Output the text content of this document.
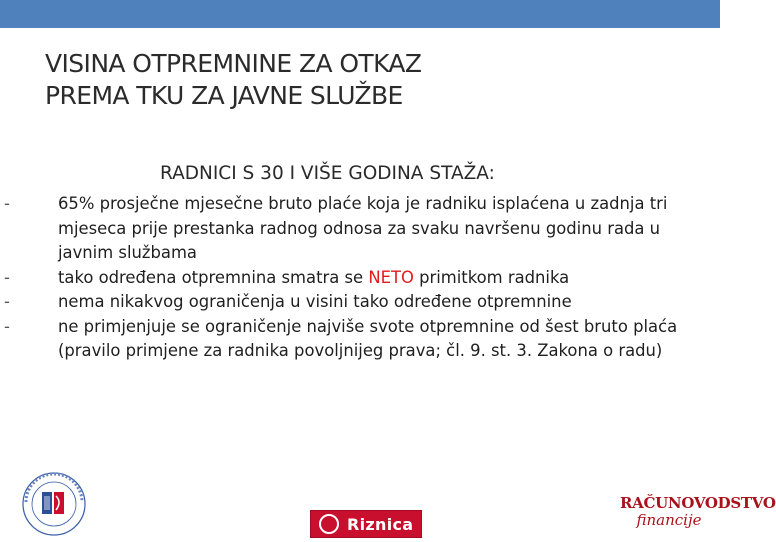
VISINA OTPREMNINE ZA OTKAZ
PREMA TKU ZA JAVNE SLUŽBE
RADNICI S 30 I VIŠE GODINA STAŽA:
-	65% prosječne mjesečne bruto plaće koja je radniku isplaćena u zadnja tri mjeseca prije prestanka radnog odnosa za svaku navršenu godinu rada u javnim službama
-	tako određena otpremnina smatra se NETO primitkom radnika
-	nema nikakvog ograničenja u visini tako određene otpremnine
-	ne primjenjuje se ograničenje najviše svote otpremnine od šest bruto plaća (pravilo primjene za radnika povoljnijeg prava; čl. 9. st. 3. Zakona o radu)
Riznica
RAČUNOVODSTVO
financije
